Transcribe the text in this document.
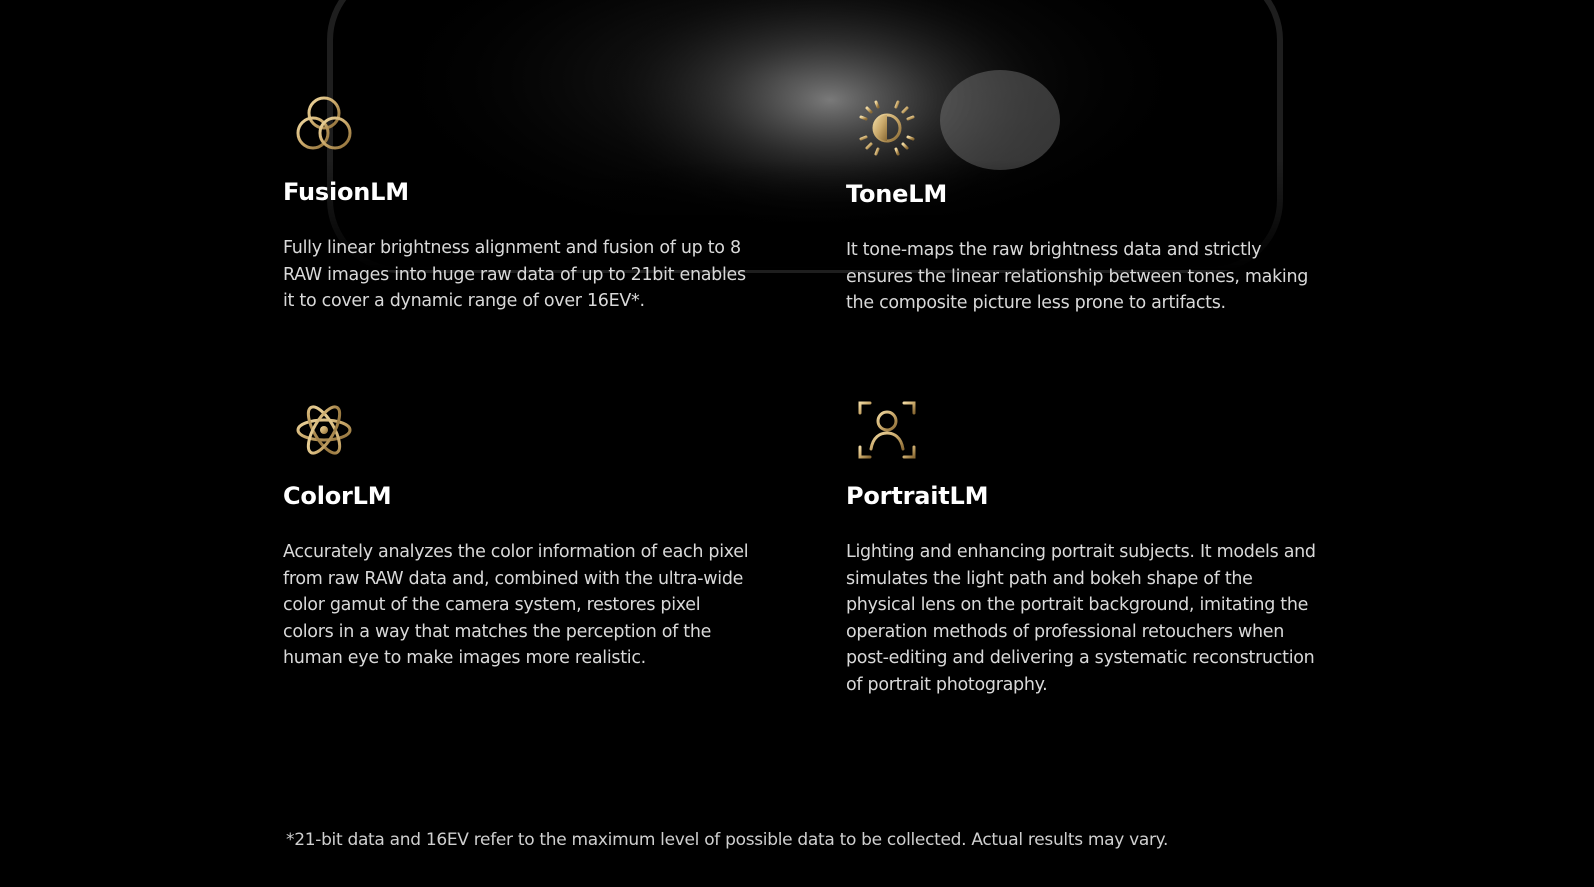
FusionLM

Fully linear brightness alignment and fusion of up to 8 RAW images into huge raw data of up to 21bit enables it to cover a dynamic range of over 16EV*.

ToneLM

It tone-maps the raw brightness data and strictly ensures the linear relationship between tones, making the composite picture less prone to artifacts.

ColorLM

Accurately analyzes the color information of each pixel from raw RAW data and, combined with the ultra-wide color gamut of the camera system, restores pixel colors in a way that matches the perception of the human eye to make images more realistic.

PortraitLM

Lighting and enhancing portrait subjects. It models and simulates the light path and bokeh shape of the physical lens on the portrait background, imitating the operation methods of professional retouchers when post-editing and delivering a systematic reconstruction of portrait photography.

*21-bit data and 16EV refer to the maximum level of possible data to be collected. Actual results may vary.
